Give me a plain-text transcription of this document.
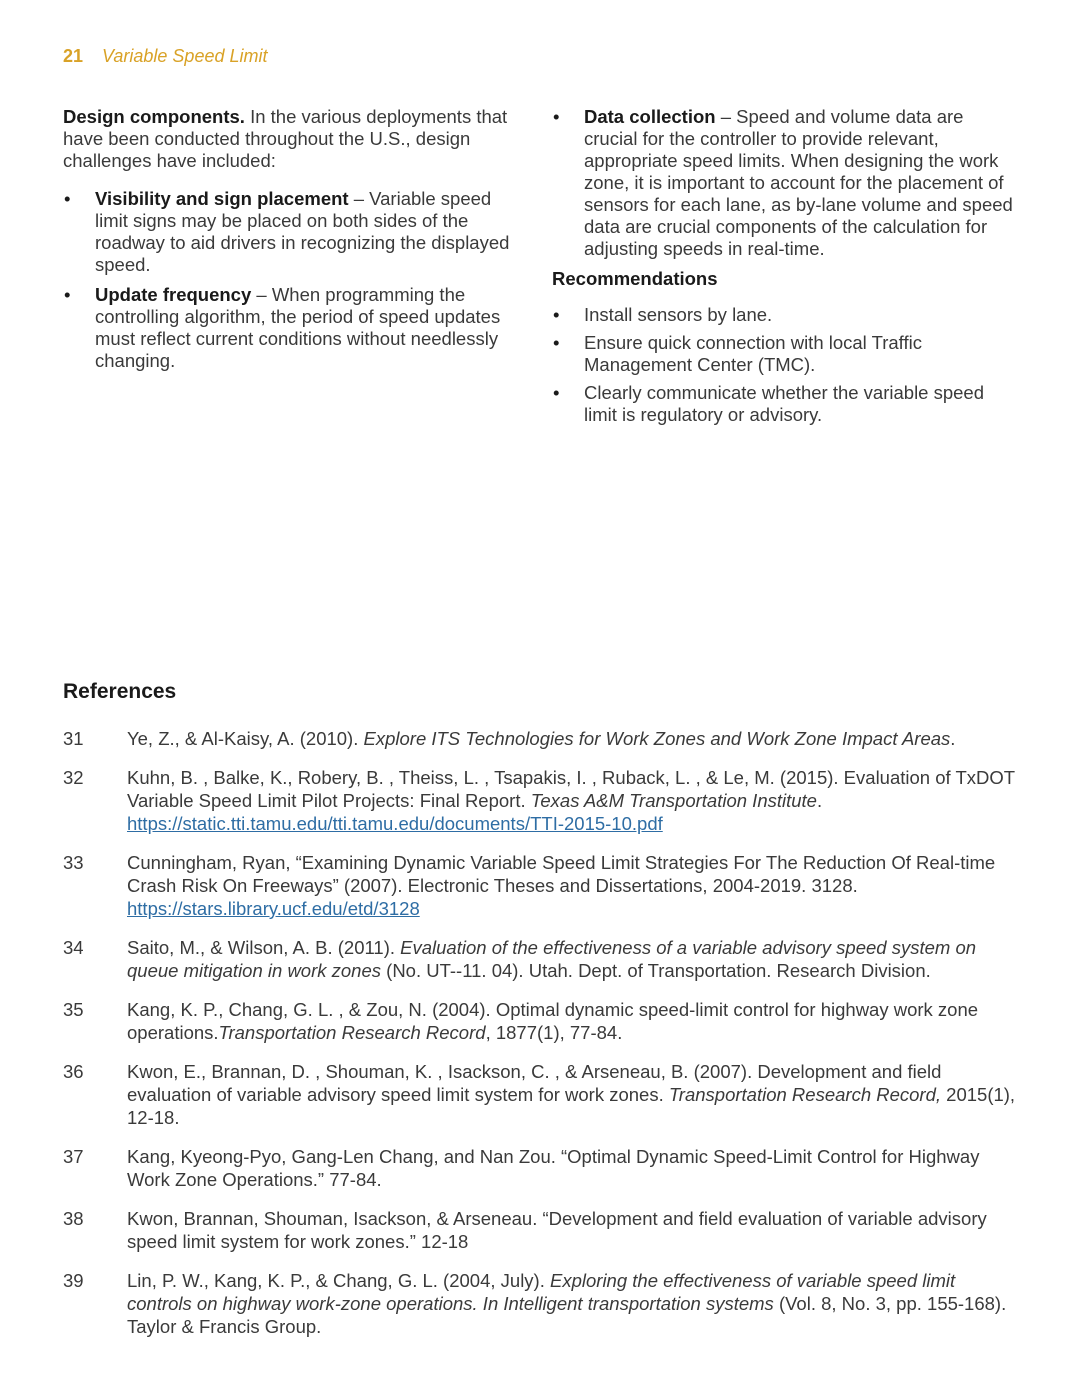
21 Variable Speed Limit

Design components. In the various deployments that have been conducted throughout the U.S., design challenges have included:

• Visibility and sign placement – Variable speed limit signs may be placed on both sides of the roadway to aid drivers in recognizing the displayed speed.
• Update frequency – When programming the controlling algorithm, the period of speed updates must reflect current conditions without needlessly changing.
• Data collection – Speed and volume data are crucial for the controller to provide relevant, appropriate speed limits. When designing the work zone, it is important to account for the placement of sensors for each lane, as by-lane volume and speed data are crucial components of the calculation for adjusting speeds in real-time.
Recommendations
• Install sensors by lane.
• Ensure quick connection with local Traffic Management Center (TMC).
• Clearly communicate whether the variable speed limit is regulatory or advisory.
References
31	Ye, Z., & Al-Kaisy, A. (2010). Explore ITS Technologies for Work Zones and Work Zone Impact Areas.
32	Kuhn, B. , Balke, K., Robery, B. , Theiss, L. , Tsapakis, I. , Ruback, L. , & Le, M. (2015). Evaluation of TxDOT Variable Speed Limit Pilot Projects: Final Report. Texas A&M Transportation Institute. https://static.tti.tamu.edu/tti.tamu.edu/documents/TTI-2015-10.pdf
33	Cunningham, Ryan, “Examining Dynamic Variable Speed Limit Strategies For The Reduction Of Real-time Crash Risk On Freeways” (2007). Electronic Theses and Dissertations, 2004-2019. 3128. https://stars.library.ucf.edu/etd/3128
34	Saito, M., & Wilson, A. B. (2011). Evaluation of the effectiveness of a variable advisory speed system on queue mitigation in work zones (No. UT--11. 04). Utah. Dept. of Transportation. Research Division.
35	Kang, K. P., Chang, G. L. , & Zou, N. (2004). Optimal dynamic speed-limit control for highway work zone operations.Transportation Research Record, 1877(1), 77-84.
36	Kwon, E., Brannan, D. , Shouman, K. , Isackson, C. , & Arseneau, B. (2007). Development and field evaluation of variable advisory speed limit system for work zones. Transportation Research Record, 2015(1), 12-18.
37	Kang, Kyeong-Pyo, Gang-Len Chang, and Nan Zou. “Optimal Dynamic Speed-Limit Control for Highway Work Zone Operations.” 77-84.
38	Kwon, Brannan, Shouman, Isackson, & Arseneau. “Development and field evaluation of variable advisory speed limit system for work zones.” 12-18
39	Lin, P. W., Kang, K. P., & Chang, G. L. (2004, July). Exploring the effectiveness of variable speed limit controls on highway work-zone operations. In Intelligent transportation systems (Vol. 8, No. 3, pp. 155-168). Taylor & Francis Group.
